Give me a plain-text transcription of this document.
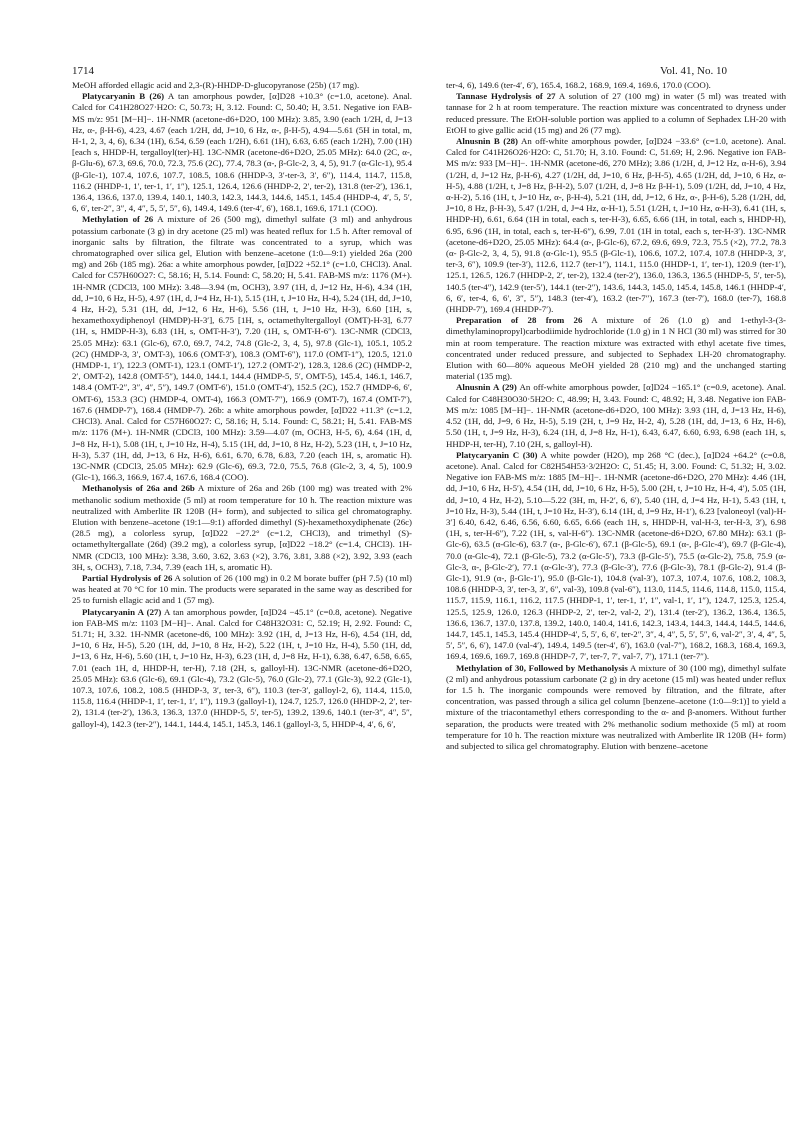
1714	Vol. 41, No. 10

MeOH afforded ellagic acid and 2,3-(R)-HHDP-D-glucopyranose (25b) (17 mg).

Platycaryanin B (26) A tan amorphous powder, [α]D28 +10.3° (c=1.0, acetone). Anal. Calcd for C41H28O27·H2O: C, 50.73; H, 3.12. Found: C, 50.40; H, 3.51. Negative ion FAB-MS m/z: 951 [M−H]−. 1H-NMR (acetone-d6+D2O, 100 MHz): 3.85, 3.90 (each 1/2H, d, J=13 Hz, α-, β-H-6), 4.23, 4.67 (each 1/2H, dd, J=10, 6 Hz, α-, β-H-5), 4.94—5.61 (5H in total, m, H-1, 2, 3, 4, 6), 6.34 (1H), 6.54, 6.59 (each 1/2H), 6.61 (1H), 6.63, 6.65 (each 1/2H), 7.00 (1H) [each s, HHDP-H, tergalloyl(ter)-H]. 13C-NMR (acetone-d6+D2O, 25.05 MHz): 64.0 (2C, α-, β-Glu-6), 67.3, 69.6, 70.0, 72.3, 75.6 (2C), 77.4, 78.3 (α-, β-Glc-2, 3, 4, 5), 91.7 (α-Glc-1), 95.4 (β-Glc-1), 107.4, 107.6, 107.7, 108.5, 108.6 (HHDP-3, 3′-ter-3, 3′, 6″), 114.4, 114.7, 115.8, 116.2 (HHDP-1, 1′, ter-1, 1′, 1″), 125.1, 126.4, 126.6 (HHDP-2, 2′, ter-2), 131.8 (ter-2′), 136.1, 136.4, 136.6, 137.0, 139.4, 140.1, 140.3, 142.3, 144.3, 144.6, 145.1, 145.4 (HHDP-4, 4′, 5, 5′, 6, 6′, ter-2″, 3″, 4, 4″, 5, 5′, 5″, 6), 149.4, 149.6 (ter-4′, 6′), 168.1, 169.6, 171.1 (COO).

Methylation of 26 A mixture of 26 (500 mg), dimethyl sulfate (3 ml) and anhydrous potassium carbonate (3 g) in dry acetone (25 ml) was heated reflux for 1.5 h. After removal of inorganic salts by filtration, the filtrate was concentrated to a syrup, which was chromatographed over silica gel, Elution with benzene–acetone (1:0—9:1) yielded 26a (200 mg) and 26b (185 mg). 26a: a white amorphous powder, [α]D22 +52.1° (c=1.0, CHCl3). Anal. Calcd for C57H60O27: C, 58.16; H, 5.14. Found: C, 58.20; H, 5.41. FAB-MS m/z: 1176 (M+). 1H-NMR (CDCl3, 100 MHz): 3.48—3.94 (m, OCH3), 3.97 (1H, d, J=12 Hz, H-6), 4.34 (1H, dd, J=10, 6 Hz, H-5), 4.97 (1H, d, J=4 Hz, H-1), 5.15 (1H, t, J=10 Hz, H-4), 5.24 (1H, dd, J=10, 4 Hz, H-2), 5.31 (1H, dd, J=12, 6 Hz, H-6), 5.56 (1H, t, J=10 Hz, H-3), 6.60 [1H, s, hexamethoxydiphenoyl (HMDP)-H-3′], 6.75 [1H, s, octamethyltergalloyl (OMT)-H-3], 6.77 (1H, s, HMDP-H-3), 6.83 (1H, s, OMT-H-3′), 7.20 (1H, s, OMT-H-6″). 13C-NMR (CDCl3, 25.05 MHz): 63.1 (Glc-6), 67.0, 69.7, 74.2, 74.8 (Glc-2, 3, 4, 5), 97.8 (Glc-1), 105.1, 105.2 (2C) (HMDP-3, 3′, OMT-3), 106.6 (OMT-3′), 108.3 (OMT-6″), 117.0 (OMT-1″), 120.5, 121.0 (HMDP-1, 1′), 122.3 (OMT-1), 123.1 (OMT-1′), 127.2 (OMT-2′), 128.3, 128.6 (2C) (HMDP-2, 2′, OMT-2), 142.8 (OMT-5″), 144.0, 144.1, 144.4 (HMDP-5, 5′, OMT-5), 145.4, 146.1, 146.7, 148.4 (OMT-2″, 3″, 4″, 5″), 149.7 (OMT-6′), 151.0 (OMT-4′), 152.5 (2C), 152.7 (HMDP-6, 6′, OMT-6), 153.3 (3C) (HMDP-4, OMT-4), 166.3 (OMT-7″), 166.9 (OMT-7), 167.4 (OMT-7′), 167.6 (HMDP-7′), 168.4 (HMDP-7). 26b: a white amorphous powder, [α]D22 +11.3° (c=1.2, CHCl3). Anal. Calcd for C57H60O27: C, 58.16; H, 5.14. Found: C, 58.21; H, 5.41. FAB-MS m/z: 1176 (M+). 1H-NMR (CDCl3, 100 MHz): 3.59—4.07 (m, OCH3, H-5, 6), 4.64 (1H, d, J=8 Hz, H-1), 5.08 (1H, t, J=10 Hz, H-4), 5.15 (1H, dd, J=10, 8 Hz, H-2), 5.23 (1H, t, J=10 Hz, H-3), 5.37 (1H, dd, J=13, 6 Hz, H-6), 6.61, 6.70, 6.78, 6.83, 7.20 (each 1H, s, aromatic H). 13C-NMR (CDCl3, 25.05 MHz): 62.9 (Glc-6), 69.3, 72.0, 75.5, 76.8 (Glc-2, 3, 4, 5), 100.9 (Glc-1), 166.3, 166.9, 167.4, 167.6, 168.4 (COO).

Methanolysis of 26a and 26b A mixture of 26a and 26b (100 mg) was treated with 2% methanolic sodium methoxide (5 ml) at room temperature for 10 h. The reaction mixture was neutralized with Amberlite IR 120B (H+ form), and subjected to silica gel chromatography. Elution with benzene–acetone (19:1—9:1) afforded dimethyl (S)-hexamethoxydiphenate (26c) (28.5 mg), a colorless syrup, [α]D22 −27.2° (c=1.2, CHCl3), and trimethyl (S)-octamethyltergallate (26d) (39.2 mg), a colorless syrup, [α]D22 −18.2° (c=1.4, CHCl3). 1H-NMR (CDCl3, 100 MHz): 3.38, 3.60, 3.62, 3.63 (×2), 3.76, 3.81, 3.88 (×2), 3.92, 3.93 (each 3H, s, OCH3), 7.18, 7.34, 7.39 (each 1H, s, aromatic H).

Partial Hydrolysis of 26 A solution of 26 (100 mg) in 0.2 M borate buffer (pH 7.5) (10 ml) was heated at 70 °C for 10 min. The products were separated in the same way as described for 25 to furnish ellagic acid and 1 (57 mg).

Platycaryanin A (27) A tan amorphous powder, [α]D24 −45.1° (c=0.8, acetone). Negative ion FAB-MS m/z: 1103 [M−H]−. Anal. Calcd for C48H32O31: C, 52.19; H, 2.92. Found: C, 51.71; H, 3.32. 1H-NMR (acetone-d6, 100 MHz): 3.92 (1H, d, J=13 Hz, H-6), 4.54 (1H, dd, J=10, 6 Hz, H-5), 5.20 (1H, dd, J=10, 8 Hz, H-2), 5.22 (1H, t, J=10 Hz, H-4), 5.50 (1H, dd, J=13, 6 Hz, H-6), 5.60 (1H, t, J=10 Hz, H-3), 6.23 (1H, d, J=8 Hz, H-1), 6.38, 6.47, 6.58, 6.65, 7.01 (each 1H, d, HHDP-H, ter-H), 7.18 (2H, s, galloyl-H). 13C-NMR (acetone-d6+D2O, 25.05 MHz): 63.6 (Glc-6), 69.1 (Glc-4), 73.2 (Glc-5), 76.0 (Glc-2), 77.1 (Glc-3), 92.2 (Glc-1), 107.3, 107.6, 108.2, 108.5 (HHDP-3, 3′, ter-3, 6″), 110.3 (ter-3′, galloyl-2, 6), 114.4, 115.0, 115.8, 116.4 (HHDP-1, 1′, ter-1, 1′, 1″), 119.3 (galloyl-1), 124.7, 125.7, 126.0 (HHDP-2, 2′, ter-2), 131.4 (ter-2′), 136.3, 136.3, 137.0 (HHDP-5, 5′, ter-5), 139.2, 139.6, 140.1 (ter-3″, 4″, 5″, galloyl-4), 142.3 (ter-2″), 144.1, 144.4, 145.1, 145.3, 146.1 (galloyl-3, 5, HHDP-4, 4′, 6, 6′,

ter-4, 6), 149.6 (ter-4′, 6′), 165.4, 168.2, 168.9, 169.4, 169.6, 170.0 (COO).

Tannase Hydrolysis of 27 A solution of 27 (100 mg) in water (5 ml) was treated with tannase for 2 h at room temperature. The reaction mixture was concentrated to dryness under reduced pressure. The EtOH-soluble portion was applied to a column of Sephadex LH-20 with EtOH to give gallic acid (15 mg) and 26 (77 mg).

Alnusnin B (28) An off-white amorphous powder, [α]D24 −33.6° (c=1.0, acetone). Anal. Calcd for C41H26O26·H2O: C, 51.70; H, 3.10. Found: C, 51.69; H, 2.96. Negative ion FAB-MS m/z: 933 [M−H]−. 1H-NMR (acetone-d6, 270 MHz); 3.86 (1/2H, d, J=12 Hz, α-H-6), 3.94 (1/2H, d, J=12 Hz, β-H-6), 4.27 (1/2H, dd, J=10, 6 Hz, β-H-5), 4.65 (1/2H, dd, J=10, 6 Hz, α-H-5), 4.88 (1/2H, t, J=8 Hz, β-H-2), 5.07 (1/2H, d, J=8 Hz β-H-1), 5.09 (1/2H, dd, J=10, 4 Hz, α-H-2), 5.16 (1H, t, J=10 Hz, α-, β-H-4), 5.21 (1H, dd, J=12, 6 Hz, α-, β-H-6), 5.28 (1/2H, dd, J=10, 8 Hz, β-H-3), 5.47 (1/2H, d, J=4 Hz, α-H-1), 5.51 (1/2H, t, J=10 Hz, α-H-3), 6.41 (1H, s, HHDP-H), 6.61, 6.64 (1H in total, each s, ter-H-3), 6.65, 6.66 (1H, in total, each s, HHDP-H), 6.95, 6.96 (1H, in total, each s, ter-H-6″), 6.99, 7.01 (1H in total, each s, ter-H-3′). 13C-NMR (acetone-d6+D2O, 25.05 MHz): 64.4 (α-, β-Glc-6), 67.2, 69.6, 69.9, 72.3, 75.5 (×2), 77.2, 78.3 (α- β-Glc-2, 3, 4, 5), 91.8 (α-Glc-1), 95.5 (β-Glc-1), 106.6, 107.2, 107.4, 107.8 (HHDP-3, 3′, ter-3, 6″), 109.9 (ter-3′), 112.6, 112.7 (ter-1″), 114.1, 115.0 (HHDP-1, 1′, ter-1), 120.9 (ter-1′), 125.1, 126.5, 126.7 (HHDP-2, 2′, ter-2), 132.4 (ter-2′), 136.0, 136.3, 136.5 (HHDP-5, 5′, ter-5), 140.5 (ter-4″), 142.9 (ter-5′), 144.1 (ter-2″), 143.6, 144.3, 145.0, 145.4, 145.8, 146.1 (HHDP-4′, 6, 6′, ter-4, 6, 6′, 3″, 5″), 148.3 (ter-4′), 163.2 (ter-7″), 167.3 (ter-7′), 168.0 (ter-7), 168.8 (HHDP-7′), 169.4 (HHDP-7′).

Preparation of 28 from 26 A mixture of 26 (1.0 g) and 1-ethyl-3-(3-dimethylaminopropyl)carbodiimide hydrochloride (1.0 g) in 1 N HCl (30 ml) was stirred for 30 min at room temperature. The reaction mixture was extracted with ethyl acetate five times, concentrated under reduced pressure, and subjected to Sephadex LH-20 chromatography. Elution with 60—80% aqueous MeOH yielded 28 (210 mg) and the unchanged starting material (135 mg).

Alnusnin A (29) An off-white amorphous powder, [α]D24 −165.1° (c=0.9, acetone). Anal. Calcd for C48H30O30·5H2O: C, 48.99; H, 3.43. Found: C, 48.92; H, 3.48. Negative ion FAB-MS m/z: 1085 [M−H]−. 1H-NMR (acetone-d6+D2O, 100 MHz): 3.93 (1H, d, J=13 Hz, H-6), 4.52 (1H, dd, J=9, 6 Hz, H-5), 5.19 (2H, t, J=9 Hz, H-2, 4), 5.28 (1H, dd, J=13, 6 Hz, H-6), 5.50 (1H, t, J=9 Hz, H-3), 6.24 (1H, d, J=8 Hz, H-1), 6.43, 6.47, 6.60, 6.93, 6.98 (each 1H, s, HHDP-H, ter-H), 7.10 (2H, s, galloyl-H).

Platycaryanin C (30) A white powder (H2O), mp 268 °C (dec.), [α]D24 +64.2° (c=0.8, acetone). Anal. Calcd for C82H54H53·3/2H2O: C, 51.45; H, 3.00. Found: C, 51.32; H, 3.02. Negative ion FAB-MS m/z: 1885 [M−H]−. 1H-NMR (acetone-d6+D2O, 270 MHz): 4.46 (1H, dd, J=10, 6 Hz, H-5′), 4.54 (1H, dd, J=10, 6 Hz, H-5), 5.00 (2H, t, J=10 Hz, H-4, 4′), 5.05 (1H, dd, J=10, 4 Hz, H-2), 5.10—5.22 (3H, m, H-2′, 6, 6′), 5.40 (1H, d, J=4 Hz, H-1), 5.43 (1H, t, J=10 Hz, H-3), 5.44 (1H, t, J=10 Hz, H-3′), 6.14 (1H, d, J=9 Hz, H-1′), 6.23 [valoneoyl (val)-H-3′] 6.40, 6.42, 6.46, 6.56, 6.60, 6.65, 6.66 (each 1H, s, HHDP-H, val-H-3, ter-H-3, 3′), 6.98 (1H, s, ter-H-6″), 7.22 (1H, s, val-H-6″). 13C-NMR (acetone-d6+D2O, 67.80 MHz): 63.1 (β-Glc-6), 63.5 (α-Glc-6), 63.7 (α-, β-Glc-6′), 67.1 (β-Glc-5), 69.1 (α-, β-Glc-4′), 69.7 (β-Glc-4), 70.0 (α-Glc-4), 72.1 (β-Glc-5), 73.2 (α-Glc-5′), 73.3 (β-Glc-5′), 75.5 (α-Glc-2), 75.8, 75.9 (α-Glc-3, α-, β-Glc-2′), 77.1 (α-Glc-3′), 77.3 (β-Glc-3′), 77.6 (β-Glc-3), 78.1 (β-Glc-2), 91.4 (β-Glc-1), 91.9 (α-, β-Glc-1′), 95.0 (β-Glc-1), 104.8 (val-3′), 107.3, 107.4, 107.6, 108.2, 108.3, 108.6 (HHDP-3, 3′, ter-3, 3′, 6″, val-3), 109.8 (val-6″), 113.0, 114.5, 114.6, 114.8, 115.0, 115.4, 115.7, 115.9, 116.1, 116.2, 117.5 (HHDP-1, 1′, ter-1, 1′, 1″, val-1, 1′, 1″), 124.7, 125.3, 125.4, 125.5, 125.9, 126.0, 126.3 (HHDP-2, 2′, ter-2, val-2, 2′), 131.4 (ter-2′), 136.2, 136.4, 136.5, 136.6, 136.7, 137.0, 137.8, 139.2, 140.0, 140.4, 141.6, 142.3, 143.4, 144.3, 144.4, 144.5, 144.6, 144.7, 145.1, 145.3, 145.4 (HHDP-4′, 5, 5′, 6, 6′, ter-2″, 3″, 4, 4″, 5, 5′, 5″, 6, val-2″, 3′, 4, 4″, 5, 5′, 5″, 6, 6′), 147.0 (val-4′), 149.4, 149.5 (ter-4′, 6′), 163.0 (val-7″), 168.2, 168.3, 168.4, 169.3, 169.4, 169.6, 169.7, 169.8 (HHDP-7, 7′, ter-7, 7′, val-7, 7′), 171.1 (ter-7″).

Methylation of 30, Followed by Methanolysis A mixture of 30 (100 mg), dimethyl sulfate (2 ml) and anhydrous potassium carbonate (2 g) in dry acetone (15 ml) was heated under reflux for 1.5 h. The inorganic compounds were removed by filtration, and the filtrate, after concentration, was passed through a silica gel column [benzene–acetone (1:0—9:1)] to yield a mixture of the triacontamethyl ethers corresponding to the α- and β-anomers. Without further separation, the products were treated with 2% methanolic sodium methoxide (5 ml) at room temperature for 10 h. The reaction mixture was neutralized with Amberlite IR 120B (H+ form) and subjected to silica gel chromatography. Elution with benzene–acetone
